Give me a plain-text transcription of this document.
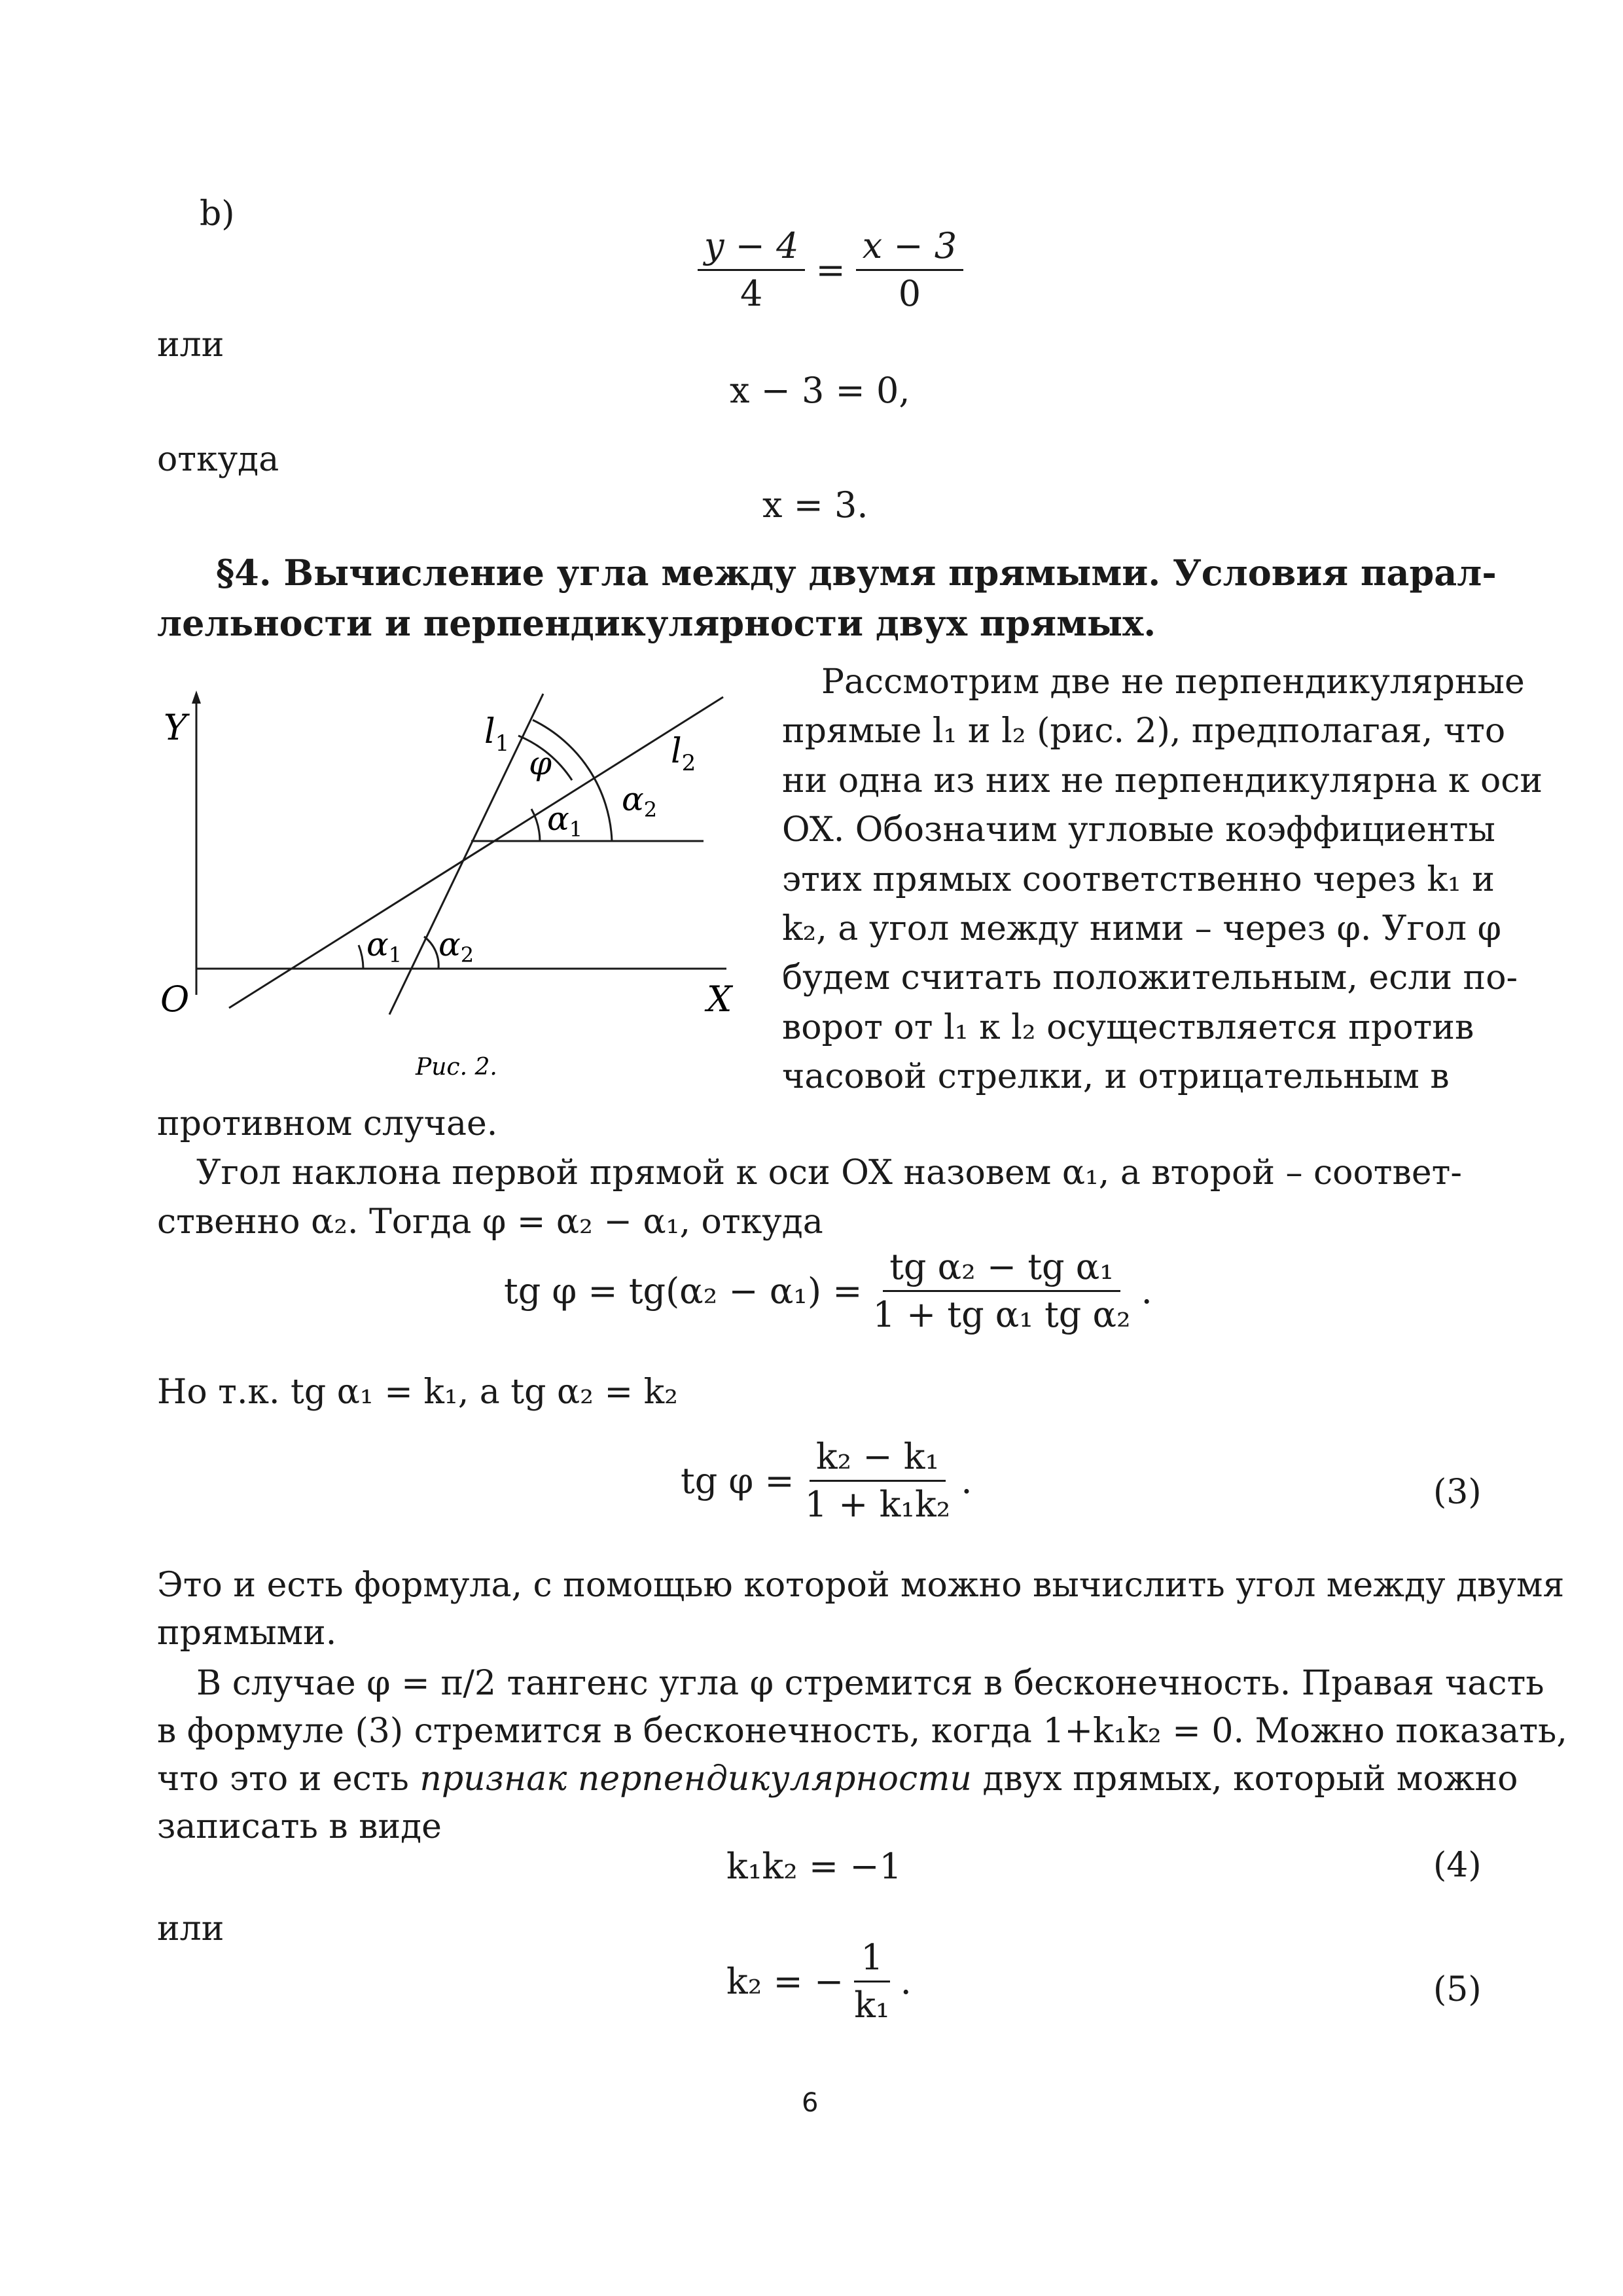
b)
$\frac{y - 4}{4} = \frac{x - 3}{0}$
или
x − 3 = 0,
откуда
x = 3.
§4. Вычисление угла между двумя прямыми. Условия парал-
лельности и перпендикулярности двух прямых.
Y
X
O
$l_1$	$l_2$
φ
$\alpha_1$
$\alpha_2$
$\alpha_1$ $\alpha_2$
Рис. 2.
Рассмотрим две не перпендикулярные
прямые l₁ и l₂ (рис. 2), предполагая, что
ни одна из них не перпендикулярна к оси
OX. Обозначим угловые коэффициенты
этих прямых соответственно через k₁ и
k₂, а угол между ними – через φ. Угол φ
будем считать положительным, если по-
ворот от l₁ к l₂ осуществляется против
часовой стрелки, и отрицательным в
противном случае.
Угол наклона первой прямой к оси OX назовем α₁, а второй – соответ-
ственно α₂. Тогда φ = α₂ − α₁, откуда
tg $\varphi = tg(\alpha_2 - \alpha_1) = \frac{\text{tg α₂ − tg α₁}}{\text{1 + tg α₁ tg α₂}}$ .
Но т.к. tg α₁ = k₁, а tg α₂ = k₂
tg $\varphi = \frac{\text{k₂ − k₁}}{\text{1 + k₁k₂}}$ .	(3)
Это и есть формула, с помощью которой можно вычислить угол между двумя
прямыми.
В случае φ = π/2 тангенс угла φ стремится в бесконечность. Правая часть
в формуле (3) стремится в бесконечность, когда 1+k₁k₂ = 0. Можно показать,
что это и есть признак перпендикулярности двух прямых, который можно
записать в виде
k₁k₂ = −1	(4)
или
k₂ = − $\frac{1}{\text{k₁}}$ .	(5)
6
